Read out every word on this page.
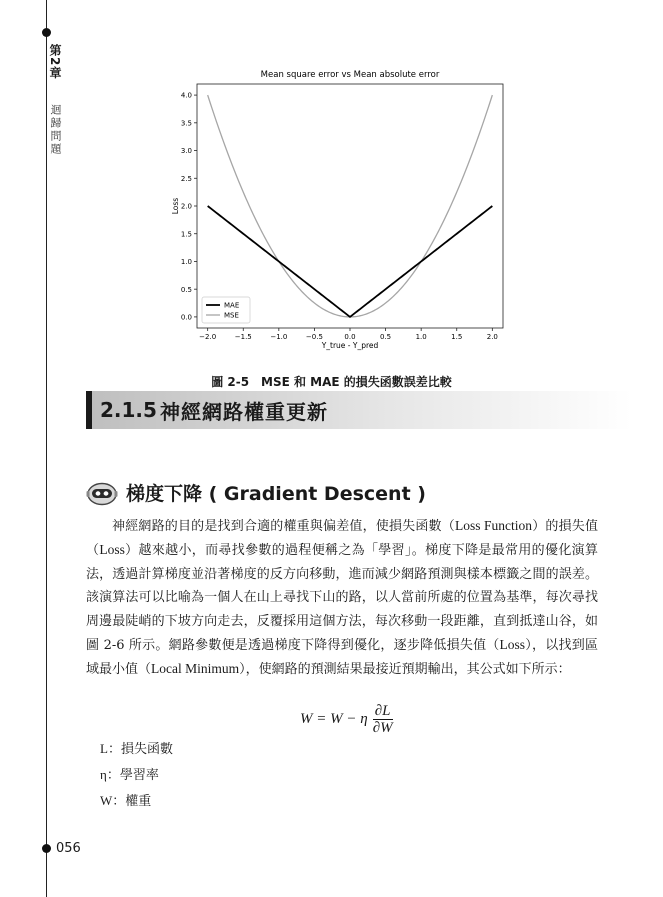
第2章
迴歸問題
056
Mean square error vs Mean absolute error
0.0
0.5
1.0
1.5
2.0
2.5
3.0
3.5
4.0
−2.0	−1.5	−1.0	−0.5	0.0	0.5	1.0	1.5	2.0
MAE
MSE
Y_true - Y_pred
Loss
圖 2-5　MSE 和 MAE 的損失函數誤差比較
2.1.5 神經網路權重更新
梯度下降 ( Gradient Descent )
神經網路的目的是找到合適的權重與偏差值，使損失函數（Loss Function）的損失值（Loss）越來越小，而尋找參數的過程便稱之為「學習」。梯度下降是最常用的優化演算法，透過計算梯度並沿著梯度的反方向移動，進而減少網路預測與樣本標籤之間的誤差。該演算法可以比喻為一個人在山上尋找下山的路，以人當前所處的位置為基準，每次尋找周邊最陡峭的下坡方向走去，反覆採用這個方法，每次移動一段距離，直到抵達山谷，如圖 2-6 所示。網路參數便是透過梯度下降得到優化，逐步降低損失值（Loss），以找到區域最小值（Local Minimum），使網路的預測結果最接近預期輸出，其公式如下所示：
W = W − η $\frac{\partial L}{\partial W}$
L：損失函數
η：學習率
W：權重
